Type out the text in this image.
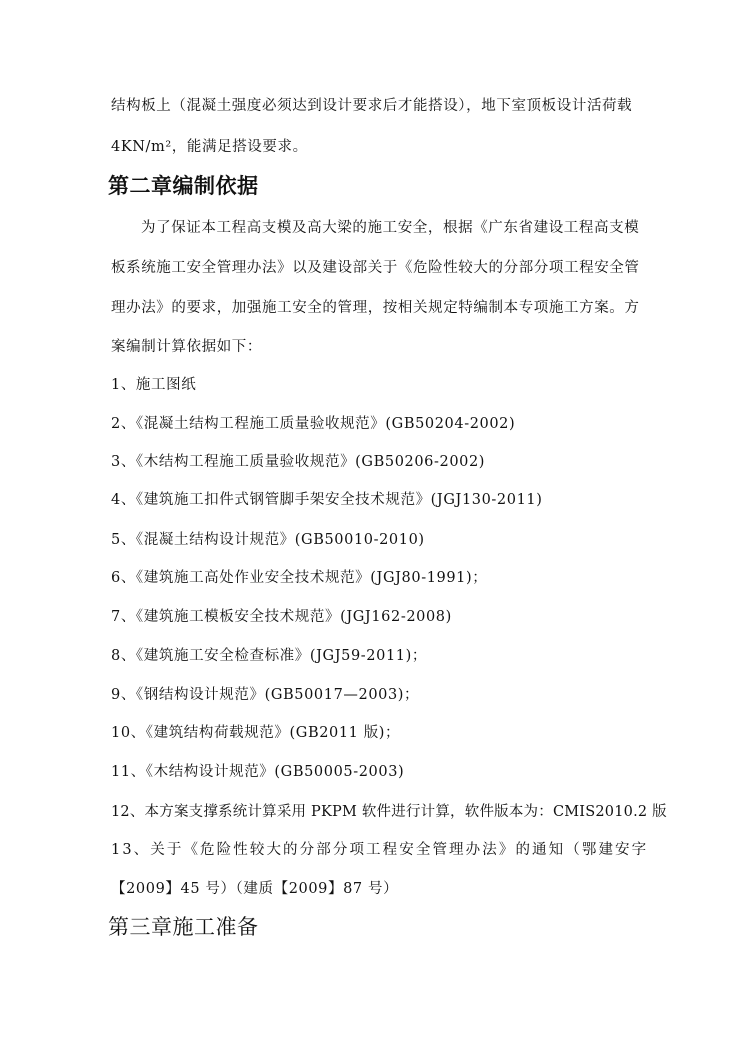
结构板上（混凝土强度必须达到设计要求后才能搭设），地下室顶板设计活荷载
4KN/m²，能满足搭设要求。
第二章编制依据
为了保证本工程高支模及高大梁的施工安全，根据《广东省建设工程高支模
板系统施工安全管理办法》以及建设部关于《危险性较大的分部分项工程安全管
理办法》的要求，加强施工安全的管理，按相关规定特编制本专项施工方案。方
案编制计算依据如下：
1、施工图纸
2、《混凝土结构工程施工质量验收规范》(GB50204-2002)
3、《木结构工程施工质量验收规范》(GB50206-2002)
4、《建筑施工扣件式钢管脚手架安全技术规范》(JGJ130-2011)
5、《混凝土结构设计规范》(GB50010-2010)
6、《建筑施工高处作业安全技术规范》(JGJ80-1991)；
7、《建筑施工模板安全技术规范》(JGJ162-2008)
8、《建筑施工安全检查标准》(JGJ59-2011)；
9、《钢结构设计规范》(GB50017—2003)；
10、《建筑结构荷载规范》(GB2011 版)；
11、《木结构设计规范》(GB50005-2003)
12、本方案支撑系统计算采用 PKPM 软件进行计算，软件版本为：CMIS2010.2 版
13、关于《危险性较大的分部分项工程安全管理办法》的通知（鄂建安字
【2009】45 号）（建质【2009】87 号）
第三章施工准备
